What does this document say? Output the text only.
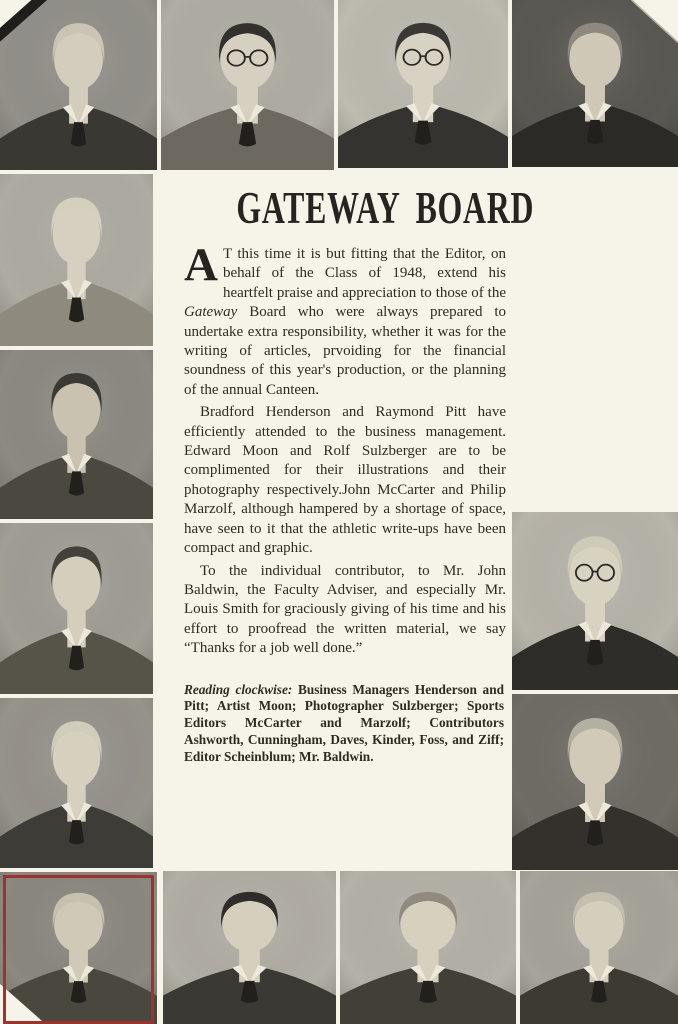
GATEWAY BOARD

A T this time it is but fitting that the Editor, on behalf of the Class of 1948, extend his heartfelt praise and appreciation to those of the Gateway Board who were always prepared to undertake extra responsibility, whether it was for the writing of articles, prvoiding for the financial soundness of this year's production, or the planning of the annual Canteen.

Bradford Henderson and Raymond Pitt have efficiently attended to the business management. Edward Moon and Rolf Sulzberger are to be complimented for their illustrations and their photography respectively.John McCarter and Philip Marzolf, although hampered by a shortage of space, have seen to it that the athletic write-ups have been compact and graphic.

To the individual contributor, to Mr. John Baldwin, the Faculty Adviser, and especially Mr. Louis Smith for graciously giving of his time and his effort to proofread the written material, we say “Thanks for a job well done.”

Reading clockwise: Business Managers Henderson and Pitt; Artist Moon; Photographer Sulzberger; Sports Editors McCarter and Marzolf; Contributors Ashworth, Cunningham, Daves, Kinder, Foss, and Ziff; Editor Scheinblum; Mr. Baldwin.
